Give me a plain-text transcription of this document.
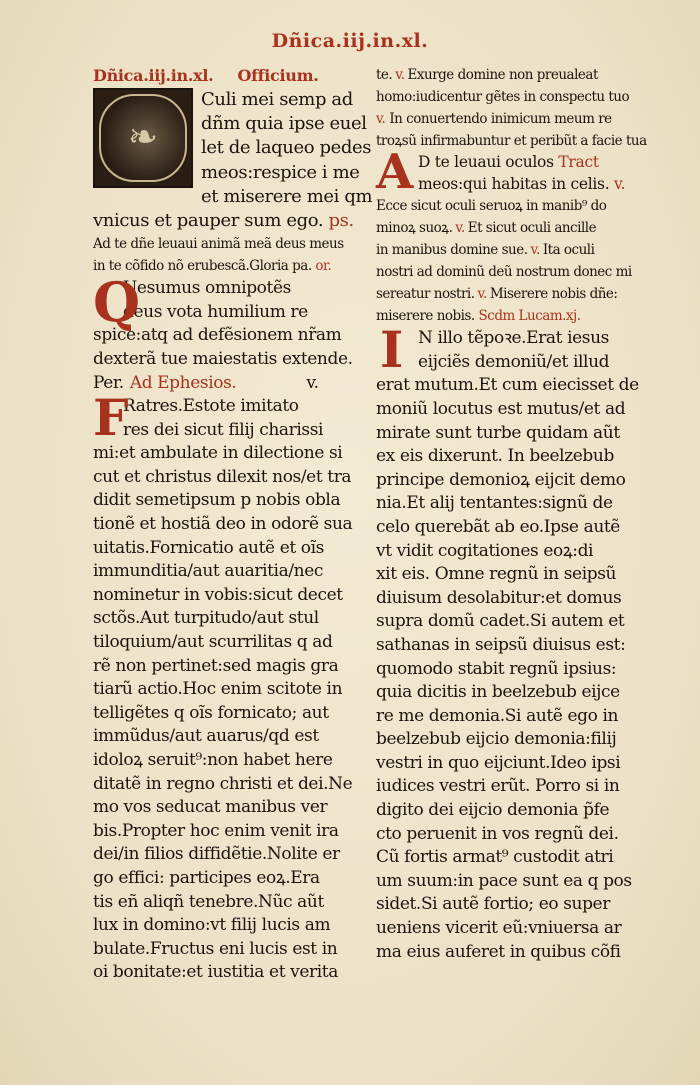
Dñica.iij.in.xl.
Dñica.iij.in.xl. Officium.
❧
Culi mei semp ad
dñm quia ipse euel
let de laqueo pedes
meos:respice i me
et miserere mei qm
vnicus et pauper sum ego. ps.
Ad te dñe leuaui animã meã deus meus
in te cõfido nõ erubescã.Gloria pa. or.
Q
Uesumus omnipotẽs
deus vota humilium re
spice:atq ad defẽsionem nr̃am
dexterã tue maiestatis extende.
Per. Ad Ephesios.	v.
F
Ratres.Estote imitato
res dei sicut filij charissi
mi:et ambulate in dilectione si
cut et christus dilexit nos/et tra
didit semetipsum p nobis obla
tionẽ et hostiã deo in odorẽ sua
uitatis.Fornicatio autẽ et oĩs
immunditia/aut auaritia/nec
nominetur in vobis:sicut decet
sctõs.Aut turpitudo/aut stul
tiloquium/aut scurrilitas q ad
rẽ non pertinet:sed magis gra
tiarũ actio.Hoc enim scitote in
telligẽtes q oĩs fornicato; aut
immũdus/aut auarus/qd est
idoloꝝ seruit⁹:non habet here
ditatẽ in regno christi et dei.Ne
mo vos seducat manibus ver
bis.Propter hoc enim venit ira
dei/in filios diffidẽtie.Nolite er
go effici: participes eoꝝ.Era
tis eñ aliqñ tenebre.Nũc aũt
lux in domino:vt filij lucis am
bulate.Fructus eni lucis est in
oi bonitate:et iustitia et verita
te. v. Exurge domine non preualeat
homo:iudicentur gẽtes in conspectu tuo
v. In conuertendo inimicum meum re
troꝝsũ infirmabuntur et peribũt a facie tua
A D te leuaui oculos Tract
meos:qui habitas in celis. v.
Ecce sicut oculi seruoꝝ in manib⁹ do
minoꝝ suoꝝ. v. Et sicut oculi ancille
in manibus domine sue. v. Ita oculi
nostri ad dominũ deũ nostrum donec mi
sereatur nostri. v. Miserere nobis dñe:
miserere nobis. Scdm Lucam.xj.
I N illo tẽpoꝛe.Erat iesus
eijciẽs demoniũ/et illud
erat mutum.Et cum eiecisset de
moniũ locutus est mutus/et ad
mirate sunt turbe quidam aũt
ex eis dixerunt. In beelzebub
principe demonioꝝ eijcit demo
nia.Et alij tentantes:signũ de
celo querebãt ab eo.Ipse autẽ
vt vidit cogitationes eoꝝ:di
xit eis. Omne regnũ in seipsũ
diuisum desolabitur:et domus
supra domũ cadet.Si autem et
sathanas in seipsũ diuisus est:
quomodo stabit regnũ ipsius:
quia dicitis in beelzebub eijce
re me demonia.Si autẽ ego in
beelzebub eijcio demonia:filij
vestri in quo eijciunt.Ideo ipsi
iudices vestri erũt. Porro si in
digito dei eijcio demonia p̃fe
cto peruenit in vos regnũ dei.
Cũ fortis armat⁹ custodit atri
um suum:in pace sunt ea q pos
sidet.Si autẽ fortio; eo super
ueniens vicerit eũ:vniuersa ar
ma eius auferet in quibus cõfi
